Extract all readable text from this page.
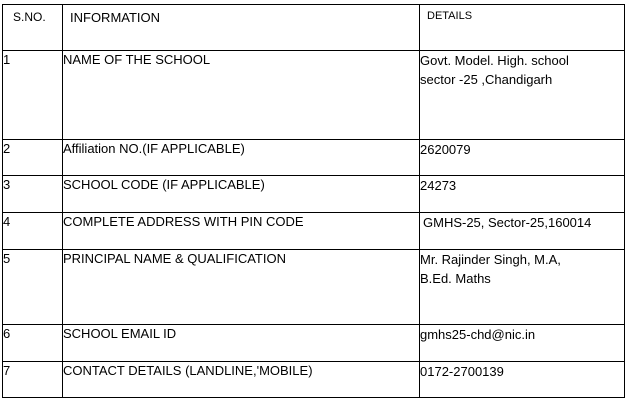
S.NO.	INFORMATION	DETAILS
1	NAME OF THE SCHOOL	Govt. Model. High. school
sector -25 ,Chandigarh

2	Affiliation NO.(IF APPLICABLE)	2620079

3	SCHOOL CODE (IF APPLICABLE)	24273

4	COMPLETE ADDRESS WITH PIN CODE	GMHS-25, Sector-25,160014

5	PRINCIPAL NAME & QUALIFICATION	Mr. Rajinder Singh, M.A,
B.Ed. Maths

6	SCHOOL EMAIL ID	gmhs25-chd@nic.in

7	CONTACT DETAILS (LANDLINE,'MOBILE)	0172-2700139
